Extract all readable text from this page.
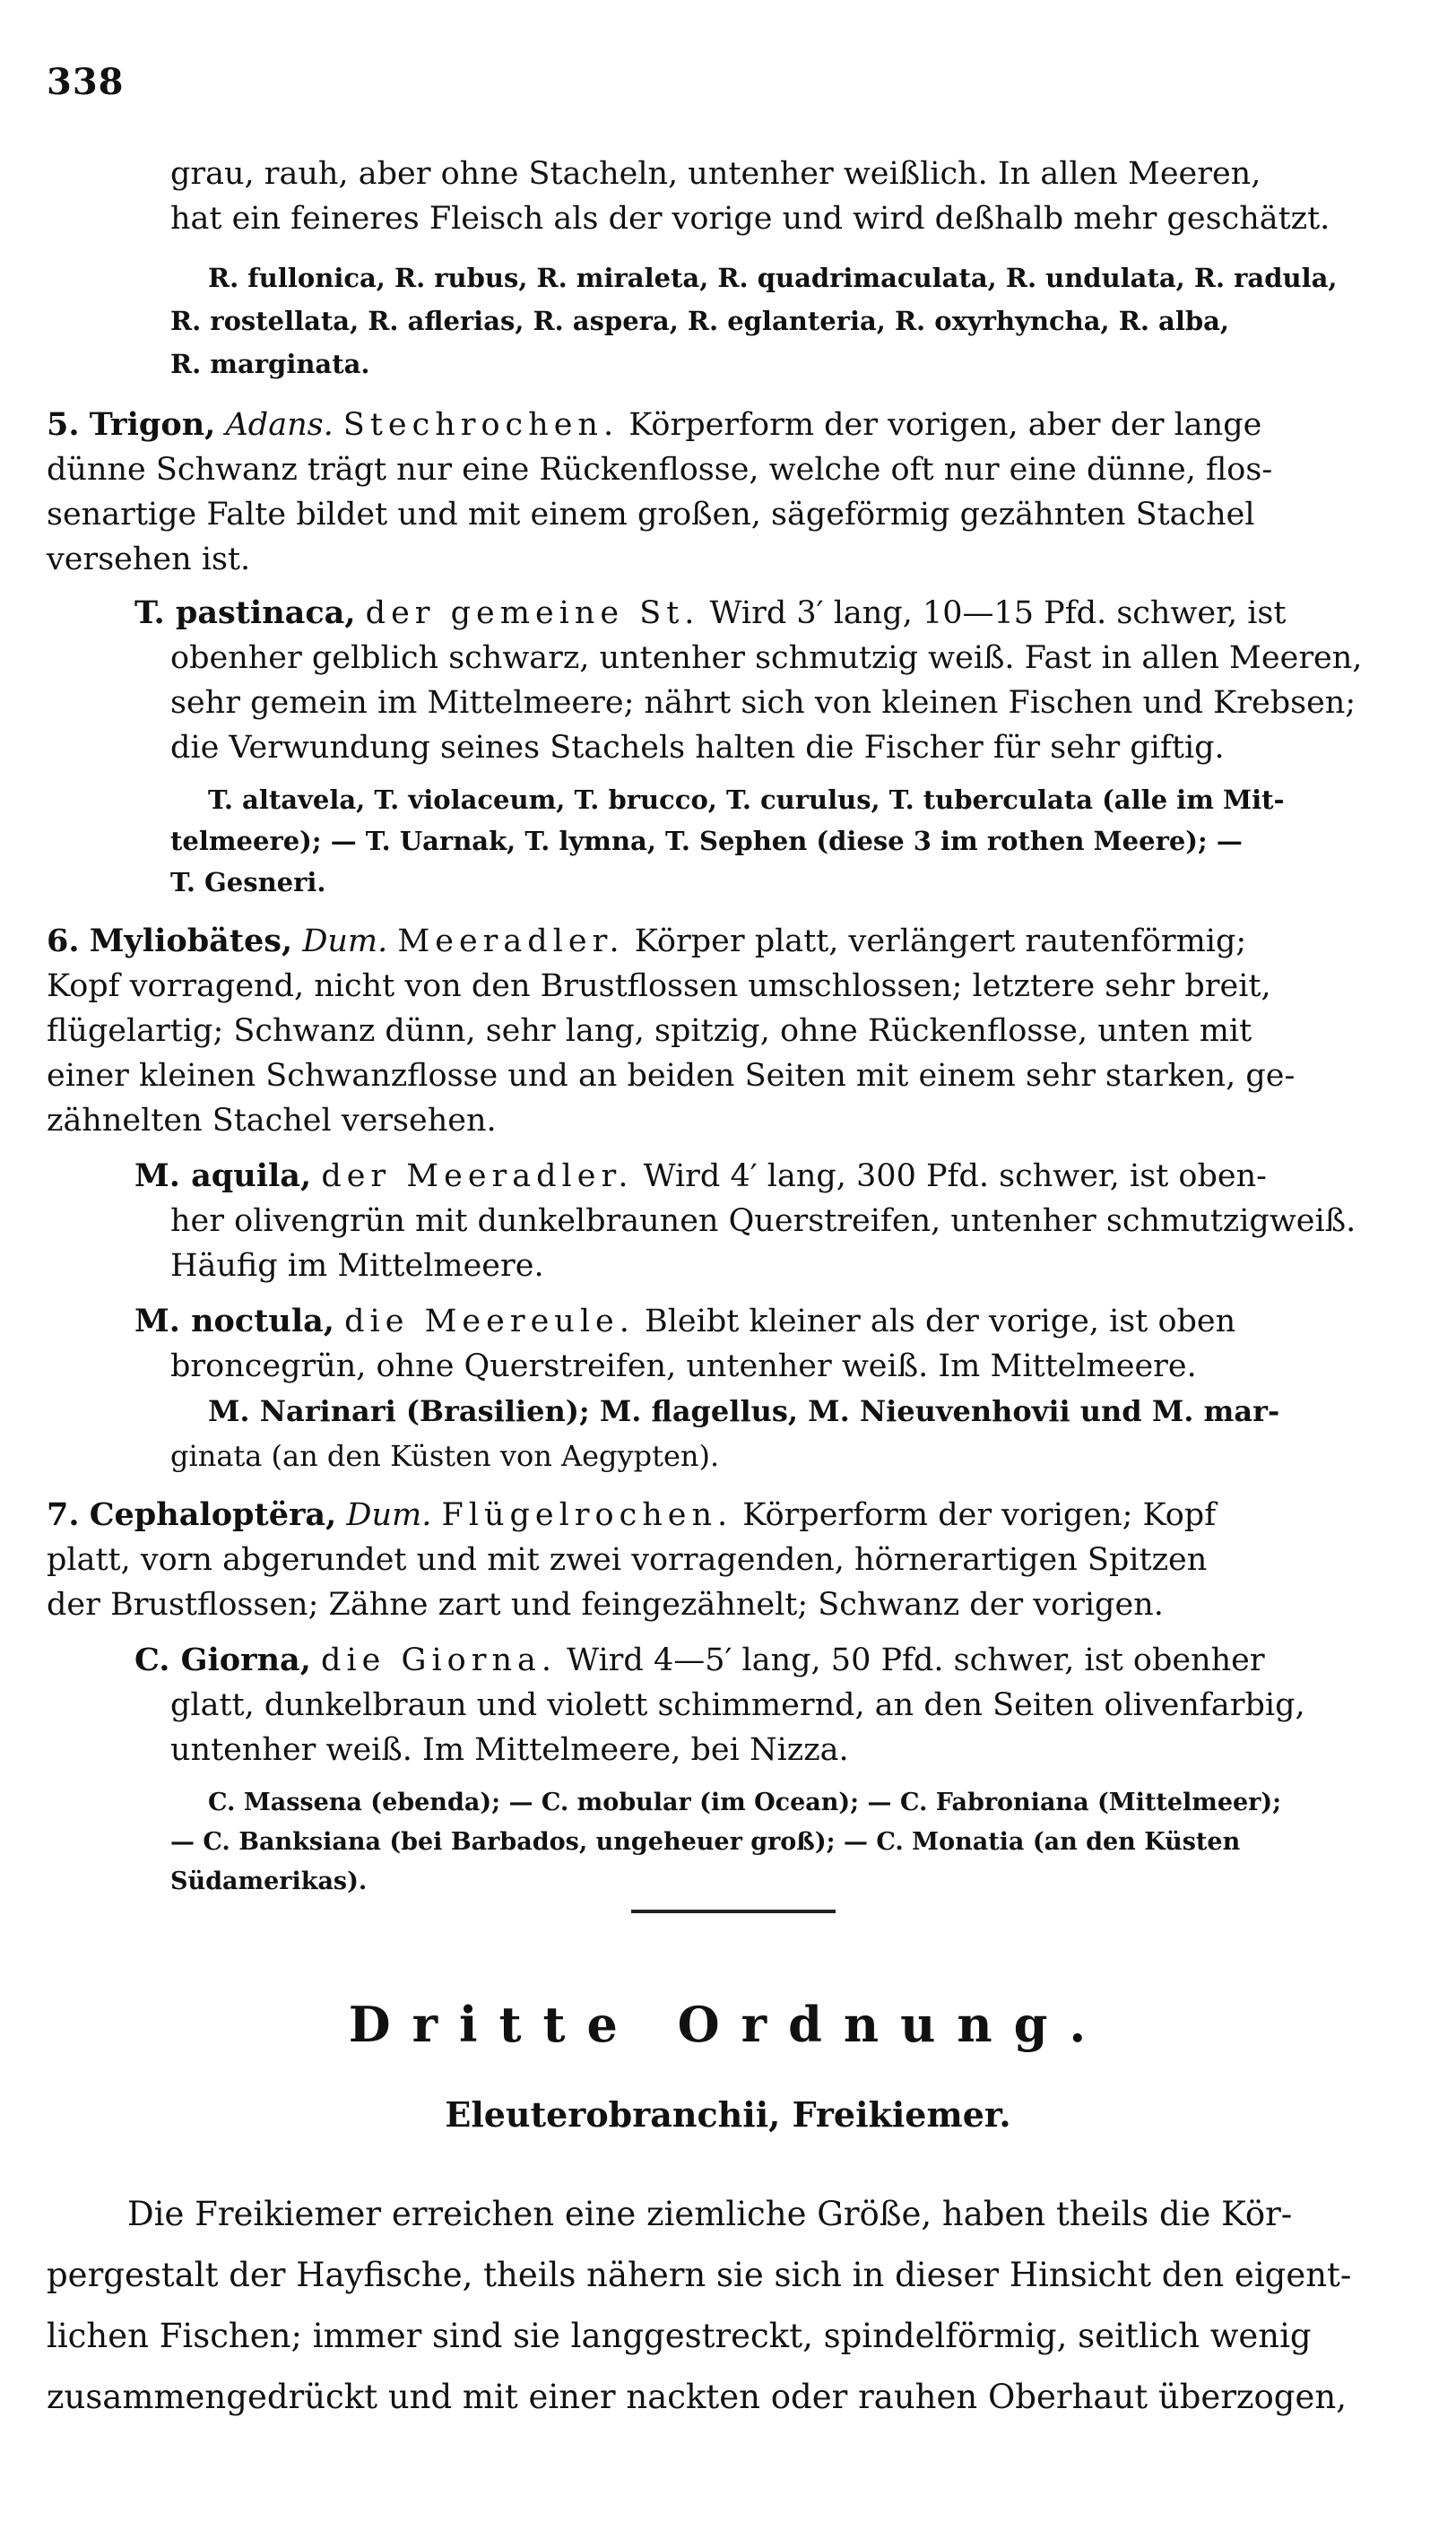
338
grau, rauh, aber ohne Stacheln, untenher weißlich. In allen Meeren,
hat ein feineres Fleisch als der vorige und wird deßhalb mehr geschätzt.
R. fullonica, R. rubus, R. miraleta, R. quadrimaculata, R. undulata, R. radula,
R. rostellata, R. aflerias, R. aspera, R. eglanteria, R. oxyrhyncha, R. alba,
R. marginata.
5. Trigon, Adans. Stechrochen. Körperform der vorigen, aber der lange
dünne Schwanz trägt nur eine Rückenflosse, welche oft nur eine dünne, flos-
senartige Falte bildet und mit einem großen, sägeförmig gezähnten Stachel
versehen ist.
T. pastinaca, der gemeine St. Wird 3′ lang, 10—15 Pfd. schwer, ist
obenher gelblich schwarz, untenher schmutzig weiß. Fast in allen Meeren,
sehr gemein im Mittelmeere; nährt sich von kleinen Fischen und Krebsen;
die Verwundung seines Stachels halten die Fischer für sehr giftig.
T. altavela, T. violaceum, T. brucco, T. curulus, T. tuberculata (alle im Mit-
telmeere); — T. Uarnak, T. lymna, T. Sephen (diese 3 im rothen Meere); —
T. Gesneri.
6. Myliobätes, Dum. Meeradler. Körper platt, verlängert rautenförmig;
Kopf vorragend, nicht von den Brustflossen umschlossen; letztere sehr breit,
flügelartig; Schwanz dünn, sehr lang, spitzig, ohne Rückenflosse, unten mit
einer kleinen Schwanzflosse und an beiden Seiten mit einem sehr starken, ge-
zähnelten Stachel versehen.
M. aquila, der Meeradler. Wird 4′ lang, 300 Pfd. schwer, ist oben-
her olivengrün mit dunkelbraunen Querstreifen, untenher schmutzigweiß.
Häufig im Mittelmeere.
M. noctula, die Meereule. Bleibt kleiner als der vorige, ist oben
broncegrün, ohne Querstreifen, untenher weiß. Im Mittelmeere.
M. Narinari (Brasilien); M. flagellus, M. Nieuvenhovii und M. mar-
ginata (an den Küsten von Aegypten).
7. Cephaloptëra, Dum. Flügelrochen. Körperform der vorigen; Kopf
platt, vorn abgerundet und mit zwei vorragenden, hörnerartigen Spitzen
der Brustflossen; Zähne zart und feingezähnelt; Schwanz der vorigen.
C. Giorna, die Giorna. Wird 4—5′ lang, 50 Pfd. schwer, ist obenher
glatt, dunkelbraun und violett schimmernd, an den Seiten olivenfarbig,
untenher weiß. Im Mittelmeere, bei Nizza.
C. Massena (ebenda); — C. mobular (im Ocean); — C. Fabroniana (Mittelmeer);
— C. Banksiana (bei Barbados, ungeheuer groß); — C. Monatia (an den Küsten
Südamerikas).
Dritte Ordnung.
Eleuterobranchii, Freikiemer.
Die Freikiemer erreichen eine ziemliche Größe, haben theils die Kör-
pergestalt der Hayfische, theils nähern sie sich in dieser Hinsicht den eigent-
lichen Fischen; immer sind sie langgestreckt, spindelförmig, seitlich wenig
zusammengedrückt und mit einer nackten oder rauhen Oberhaut überzogen,
